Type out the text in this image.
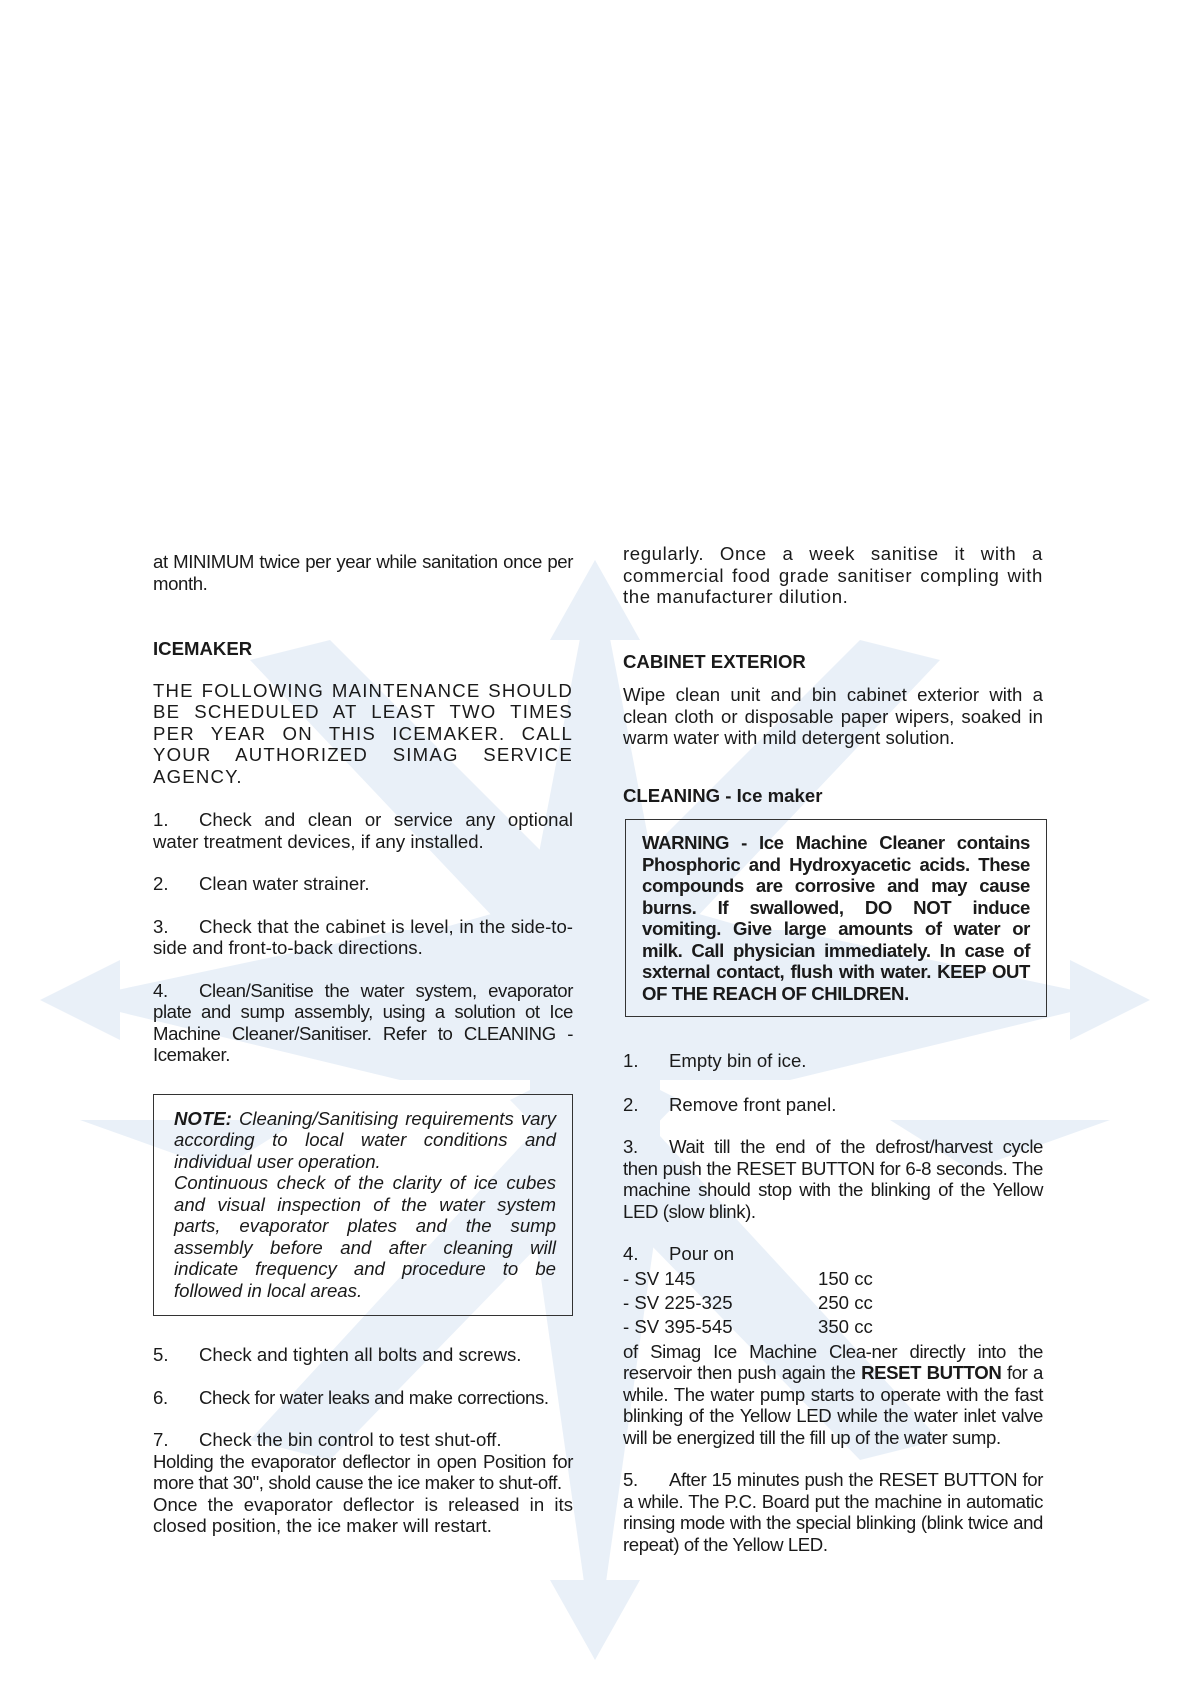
at MINIMUM twice per year while sanitation once per month.

ICEMAKER

THE FOLLOWING MAINTENANCE SHOULD BE SCHEDULED AT LEAST TWO TIMES PER YEAR ON THIS ICEMAKER. CALL YOUR AUTHORIZED SIMAG SERVICE AGENCY.

1. Check and clean or service any optional water treatment devices, if any installed.

2. Clean water strainer.

3. Check that the cabinet is level, in the side-to-side and front-to-back directions.

4. Clean/Sanitise the water system, evaporator plate and sump assembly, using a solution ot Ice Machine Cleaner/Sanitiser. Refer to CLEANING - Icemaker.

NOTE: Cleaning/Sanitising requirements vary according to local water conditions and individual user operation.

Continuous check of the clarity of ice cubes and visual inspection of the water system parts, evaporator plates and the sump assembly before and after cleaning will indicate frequency and procedure to be followed in local areas.

5. Check and tighten all bolts and screws.

6. Check for water leaks and make corrections.

7. Check the bin control to test shut-off.

Holding the evaporator deflector in open Position for more that 30", shold cause the ice maker to shut-off.

Once the evaporator deflector is released in its closed position, the ice maker will restart.

regularly. Once a week sanitise it with a commercial food grade sanitiser compling with the manufacturer dilution.

CABINET EXTERIOR

Wipe clean unit and bin cabinet exterior with a clean cloth or disposable paper wipers, soaked in warm water with mild detergent solution.

CLEANING - Ice maker

WARNING - Ice Machine Cleaner contains Phosphoric and Hydroxyacetic acids. These compounds are corrosive and may cause burns. If swallowed, DO NOT induce vomiting. Give large amounts of water or milk. Call physician immediately. In case of sxternal contact, flush with water. KEEP OUT OF THE REACH OF CHILDREN.

1. Empty bin of ice.

2. Remove front panel.

3. Wait till the end of the defrost/harvest cycle then push the RESET BUTTON for 6-8 seconds. The machine should stop with the blinking of the Yellow LED (slow blink).

4. Pour on

- SV 145	150 cc
- SV 225-325	250 cc
- SV 395-545	350 cc

of Simag Ice Machine Clea-ner directly into the reservoir then push again the RESET BUTTON for a while. The water pump starts to operate with the fast blinking of the Yellow LED while the water inlet valve will be energized till the fill up of the water sump.

5. After 15 minutes push the RESET BUTTON for a while. The P.C. Board put the machine in automatic rinsing mode with the special blinking (blink twice and repeat) of the Yellow LED.
